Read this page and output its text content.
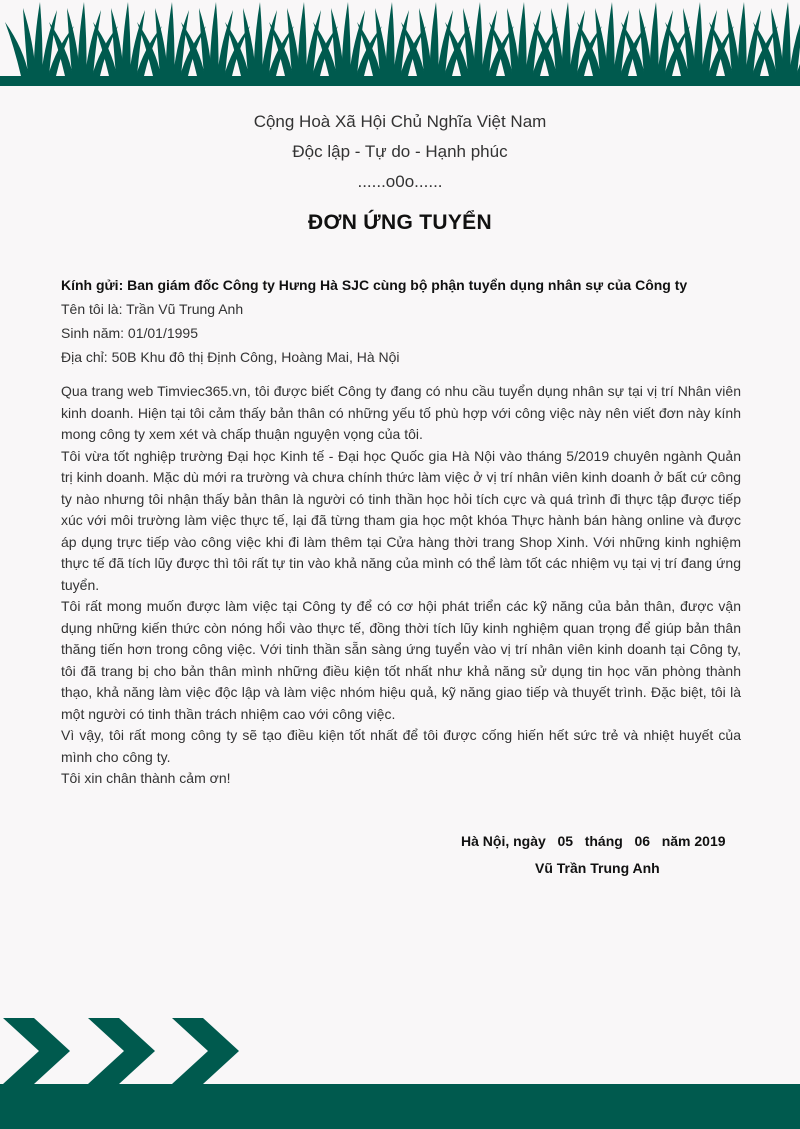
Cộng Hoà Xã Hội Chủ Nghĩa Việt Nam
Độc lập - Tự do - Hạnh phúc
......o0o......
ĐƠN ỨNG TUYỂN
Kính gửi: Ban giám đốc Công ty Hưng Hà SJC cùng bộ phận tuyển dụng nhân sự của Công ty
Tên tôi là: Trần Vũ Trung Anh
Sinh năm: 01/01/1995
Địa chỉ: 50B Khu đô thị Định Công, Hoàng Mai, Hà Nội
Qua trang web Timviec365.vn, tôi được biết Công ty đang có nhu cầu tuyển dụng nhân sự tại vị trí Nhân viên kinh doanh. Hiện tại tôi cảm thấy bản thân có những yếu tố phù hợp với công việc này nên viết đơn này kính mong công ty xem xét và chấp thuận nguyện vọng của tôi.
Tôi vừa tốt nghiệp trường Đại học Kinh tế - Đại học Quốc gia Hà Nội vào tháng 5/2019 chuyên ngành Quản trị kinh doanh. Mặc dù mới ra trường và chưa chính thức làm việc ở vị trí nhân viên kinh doanh ở bất cứ công ty nào nhưng tôi nhận thấy bản thân là người có tinh thần học hỏi tích cực và quá trình đi thực tập được tiếp xúc với môi trường làm việc thực tế, lại đã từng tham gia học một khóa Thực hành bán hàng online và được áp dụng trực tiếp vào công việc khi đi làm thêm tại Cửa hàng thời trang Shop Xinh. Với những kinh nghiệm thực tế đã tích lũy được thì tôi rất tự tin vào khả năng của mình có thể làm tốt các nhiệm vụ tại vị trí đang ứng tuyển.
Tôi rất mong muốn được làm việc tại Công ty để có cơ hội phát triển các kỹ năng của bản thân, được vận dụng những kiến thức còn nóng hổi vào thực tế, đồng thời tích lũy kinh nghiệm quan trọng để giúp bản thân thăng tiến hơn trong công việc. Với tinh thần sẵn sàng ứng tuyển vào vị trí nhân viên kinh doanh tại Công ty, tôi đã trang bị cho bản thân mình những điều kiện tốt nhất như khả năng sử dụng tin học văn phòng thành thạo, khả năng làm việc độc lập và làm việc nhóm hiệu quả, kỹ năng giao tiếp và thuyết trình. Đặc biệt, tôi là một người có tinh thần trách nhiệm cao với công việc.
Vì vậy, tôi rất mong công ty sẽ tạo điều kiện tốt nhất để tôi được cống hiến hết sức trẻ và nhiệt huyết của mình cho công ty.
Tôi xin chân thành cảm ơn!
Hà Nội, ngày   05   tháng   06   năm 2019
Vũ Trần Trung Anh
